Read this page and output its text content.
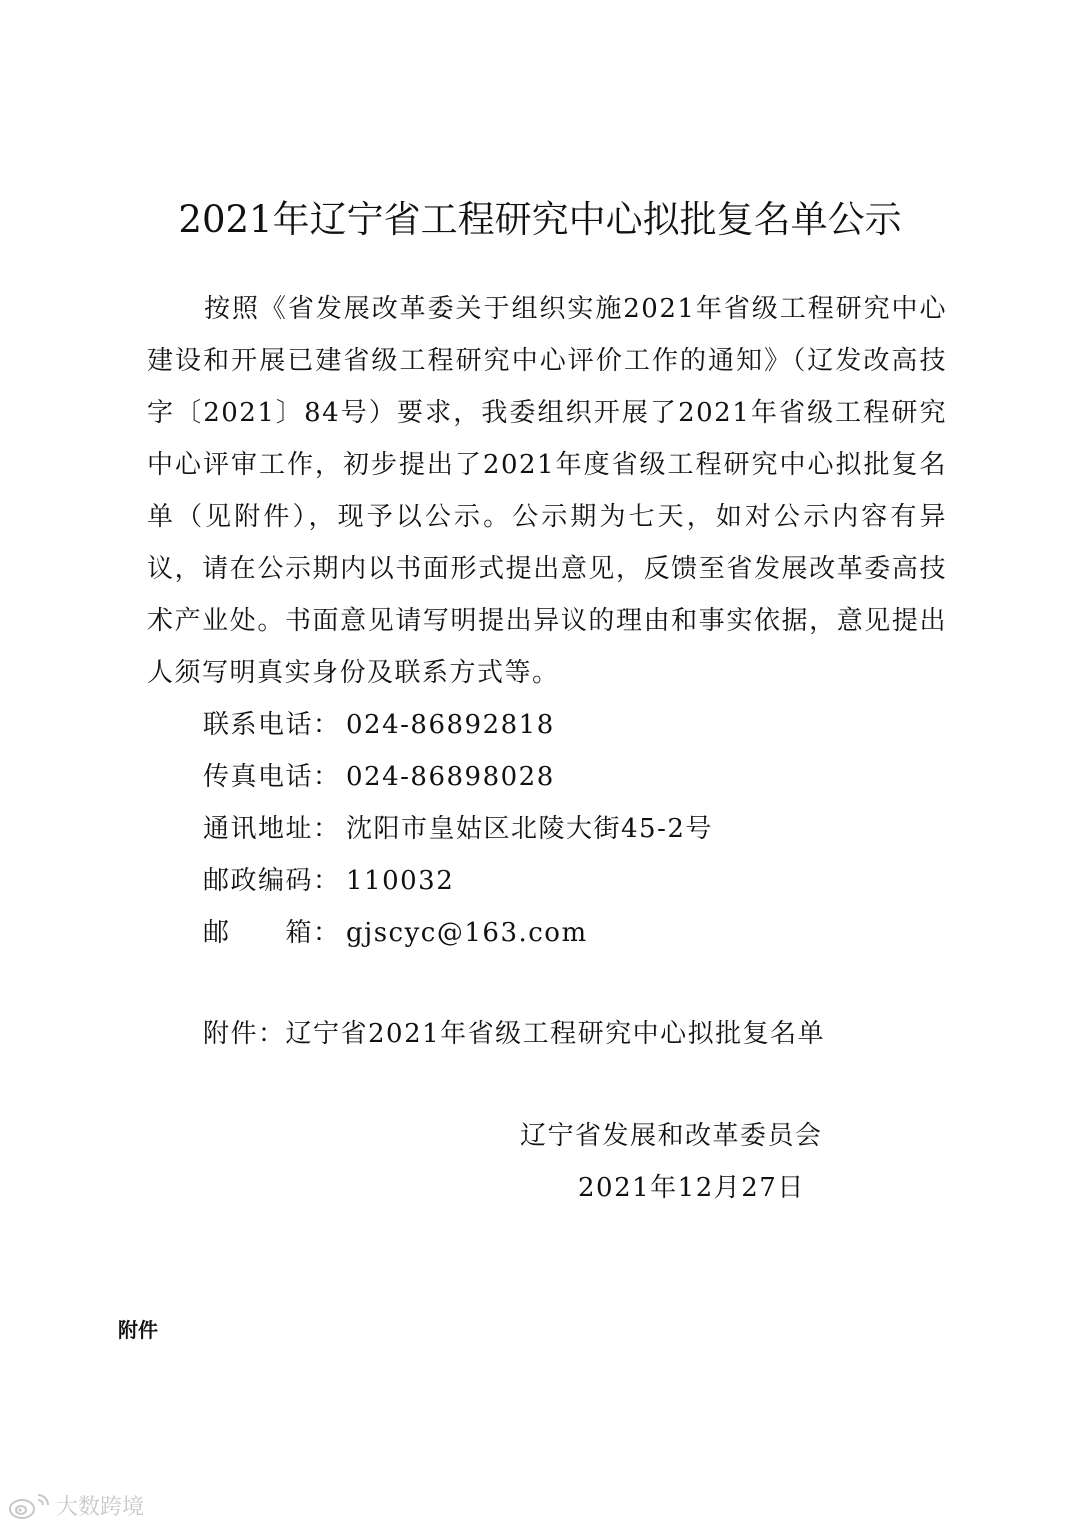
2021年辽宁省工程研究中心拟批复名单公示

按照《省发展改革委关于组织实施2021年省级工程研究中心建设和开展已建省级工程研究中心评价工作的通知》（辽发改高技字〔2021〕84号）要求，我委组织开展了2021年省级工程研究中心评审工作，初步提出了2021年度省级工程研究中心拟批复名单（见附件），现予以公示。公示期为七天，如对公示内容有异议，请在公示期内以书面形式提出意见，反馈至省发展改革委高技术产业处。书面意见请写明提出异议的理由和事实依据，意见提出人须写明真实身份及联系方式等。

联系电话： 024-86892818
传真电话： 024-86898028
通讯地址： 沈阳市皇姑区北陵大街45-2号
邮政编码： 110032
邮　　箱： gjscyc@163.com
附件：辽宁省2021年省级工程研究中心拟批复名单
辽宁省发展和改革委员会
2021年12月27日
附件
大数跨境
